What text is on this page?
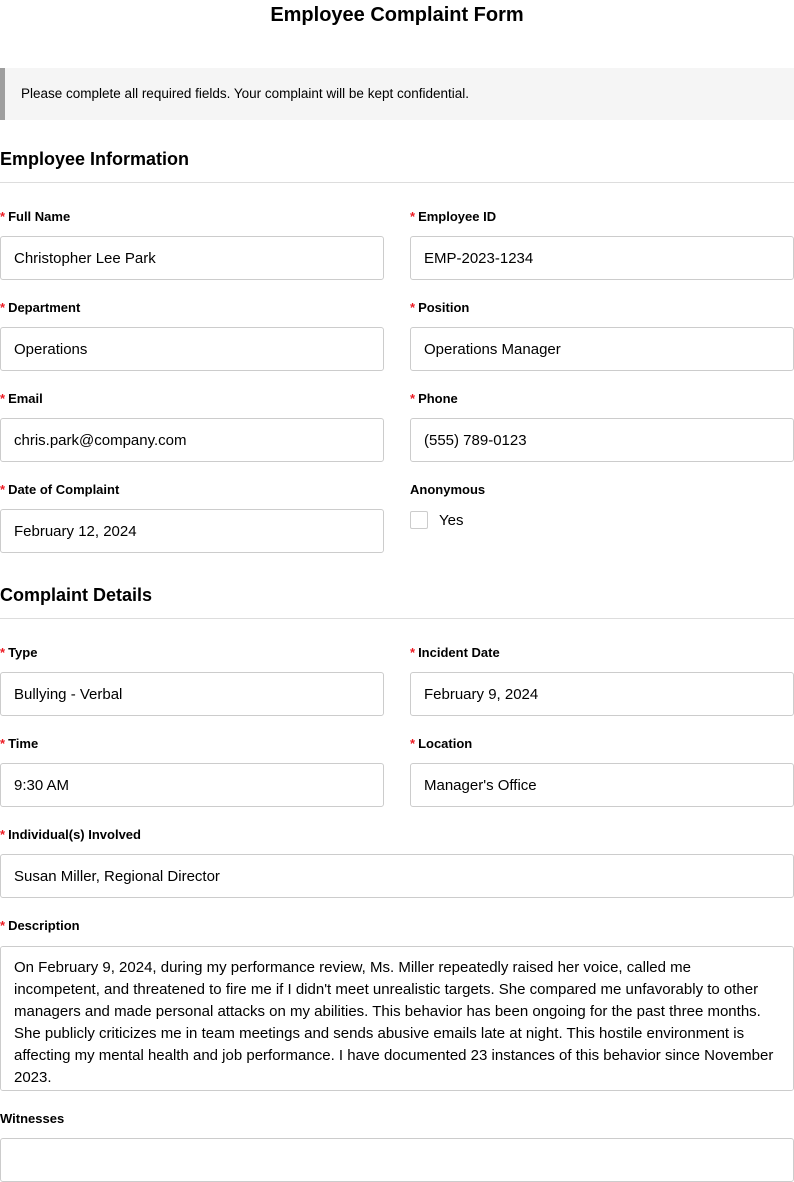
Employee Complaint Form
Please complete all required fields. Your complaint will be kept confidential.
Employee Information
* Full Name
Christopher Lee Park	* Employee ID
EMP-2023-1234
* Department
Operations	* Position
Operations Manager
* Email
chris.park@company.com	* Phone
(555) 789-0123
* Date of Complaint
February 12, 2024	Anonymous
Yes
Complaint Details
* Type
Bullying - Verbal	* Incident Date
February 9, 2024
* Time
9:30 AM	* Location
Manager's Office
* Individual(s) Involved
Susan Miller, Regional Director
* Description
On February 9, 2024, during my performance review, Ms. Miller repeatedly raised her voice, called me incompetent, and threatened to fire me if I didn't meet unrealistic targets. She compared me unfavorably to other managers and made personal attacks on my abilities. This behavior has been ongoing for the past three months. She publicly criticizes me in team meetings and sends abusive emails late at night. This hostile environment is affecting my mental health and job performance. I have documented 23 instances of this behavior since November 2023.
Witnesses
